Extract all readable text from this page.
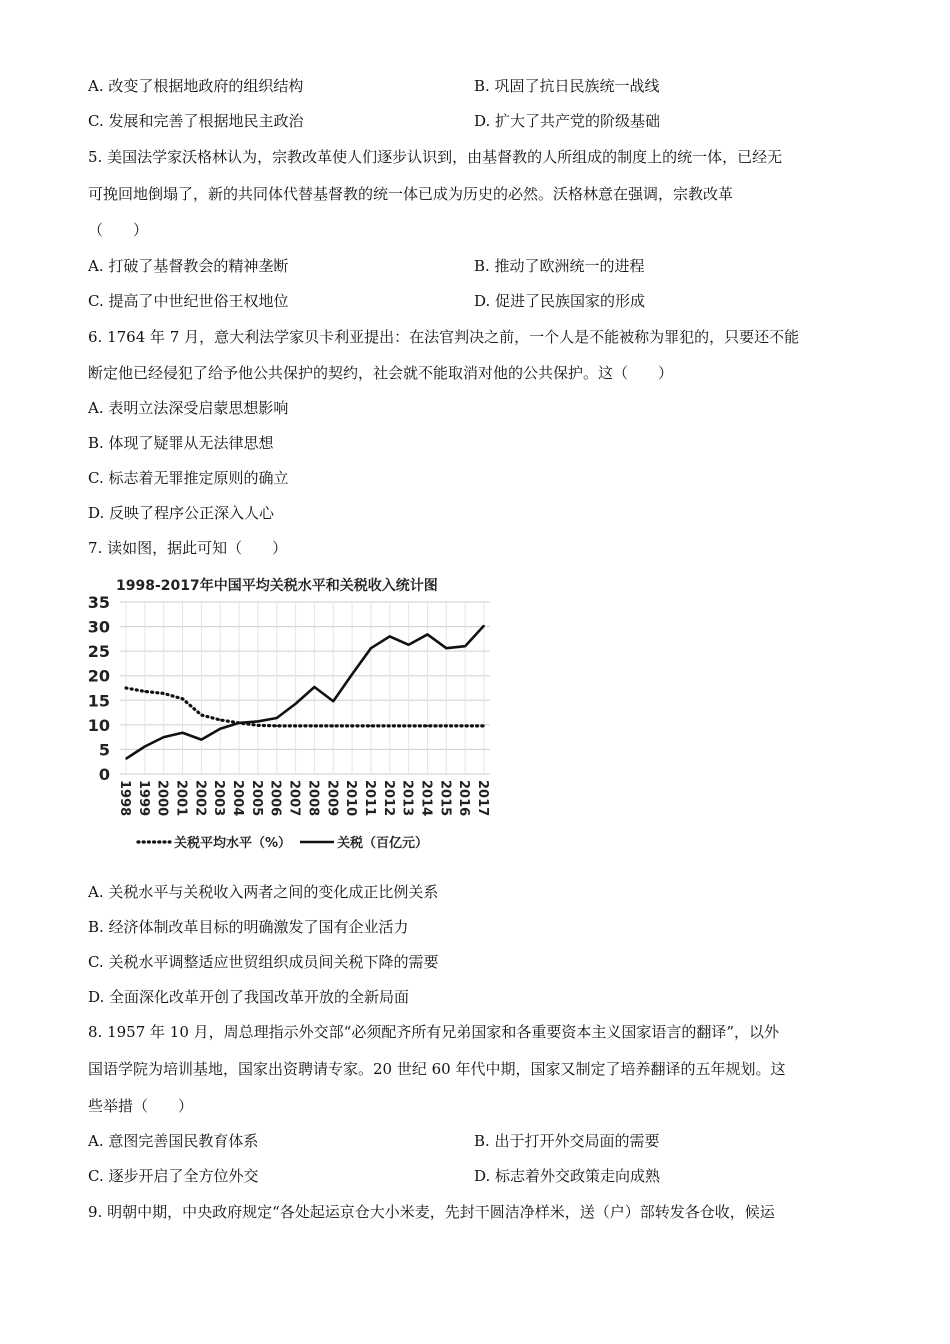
A. 改变了根据地政府的组织结构	B. 巩固了抗日民族统一战线
C. 发展和完善了根据地民主政治	D. 扩大了共产党的阶级基础
5. 美国法学家沃格林认为，宗教改革使人们逐步认识到，由基督教的人所组成的制度上的统一体，已经无
可挽回地倒塌了，新的共同体代替基督教的统一体已成为历史的必然。沃格林意在强调，宗教改革
（　　）
A. 打破了基督教会的精神垄断	B. 推动了欧洲统一的进程
C. 提高了中世纪世俗王权地位	D. 促进了民族国家的形成
6. 1764 年 7 月，意大利法学家贝卡利亚提出：在法官判决之前，一个人是不能被称为罪犯的，只要还不能
断定他已经侵犯了给予他公共保护的契约，社会就不能取消对他的公共保护。这（　　）
A. 表明立法深受启蒙思想影响
B. 体现了疑罪从无法律思想
C. 标志着无罪推定原则的确立
D. 反映了程序公正深入人心
7. 读如图，据此可知（　　）
1998-2017年中国平均关税水平和关税收入统计图
0
5
10
15
20
25
30
35
1998 1999 2000 2001 2002 2003 2004 2005 2006 2007 2008 2009 2010 2011 2012 2013 2014 2015 2016 2017
关税平均水平（%）	关税（百亿元）
A. 关税水平与关税收入两者之间的变化成正比例关系
B. 经济体制改革目标的明确激发了国有企业活力
C. 关税水平调整适应世贸组织成员间关税下降的需要
D. 全面深化改革开创了我国改革开放的全新局面
8. 1957 年 10 月，周总理指示外交部“必须配齐所有兄弟国家和各重要资本主义国家语言的翻译”，以外
国语学院为培训基地，国家出资聘请专家。20 世纪 60 年代中期，国家又制定了培养翻译的五年规划。这
些举措（　　）
A. 意图完善国民教育体系	B. 出于打开外交局面的需要
C. 逐步开启了全方位外交	D. 标志着外交政策走向成熟
9. 明朝中期，中央政府规定“各处起运京仓大小米麦，先封干圆洁净样米，送（户）部转发各仓收，候运
